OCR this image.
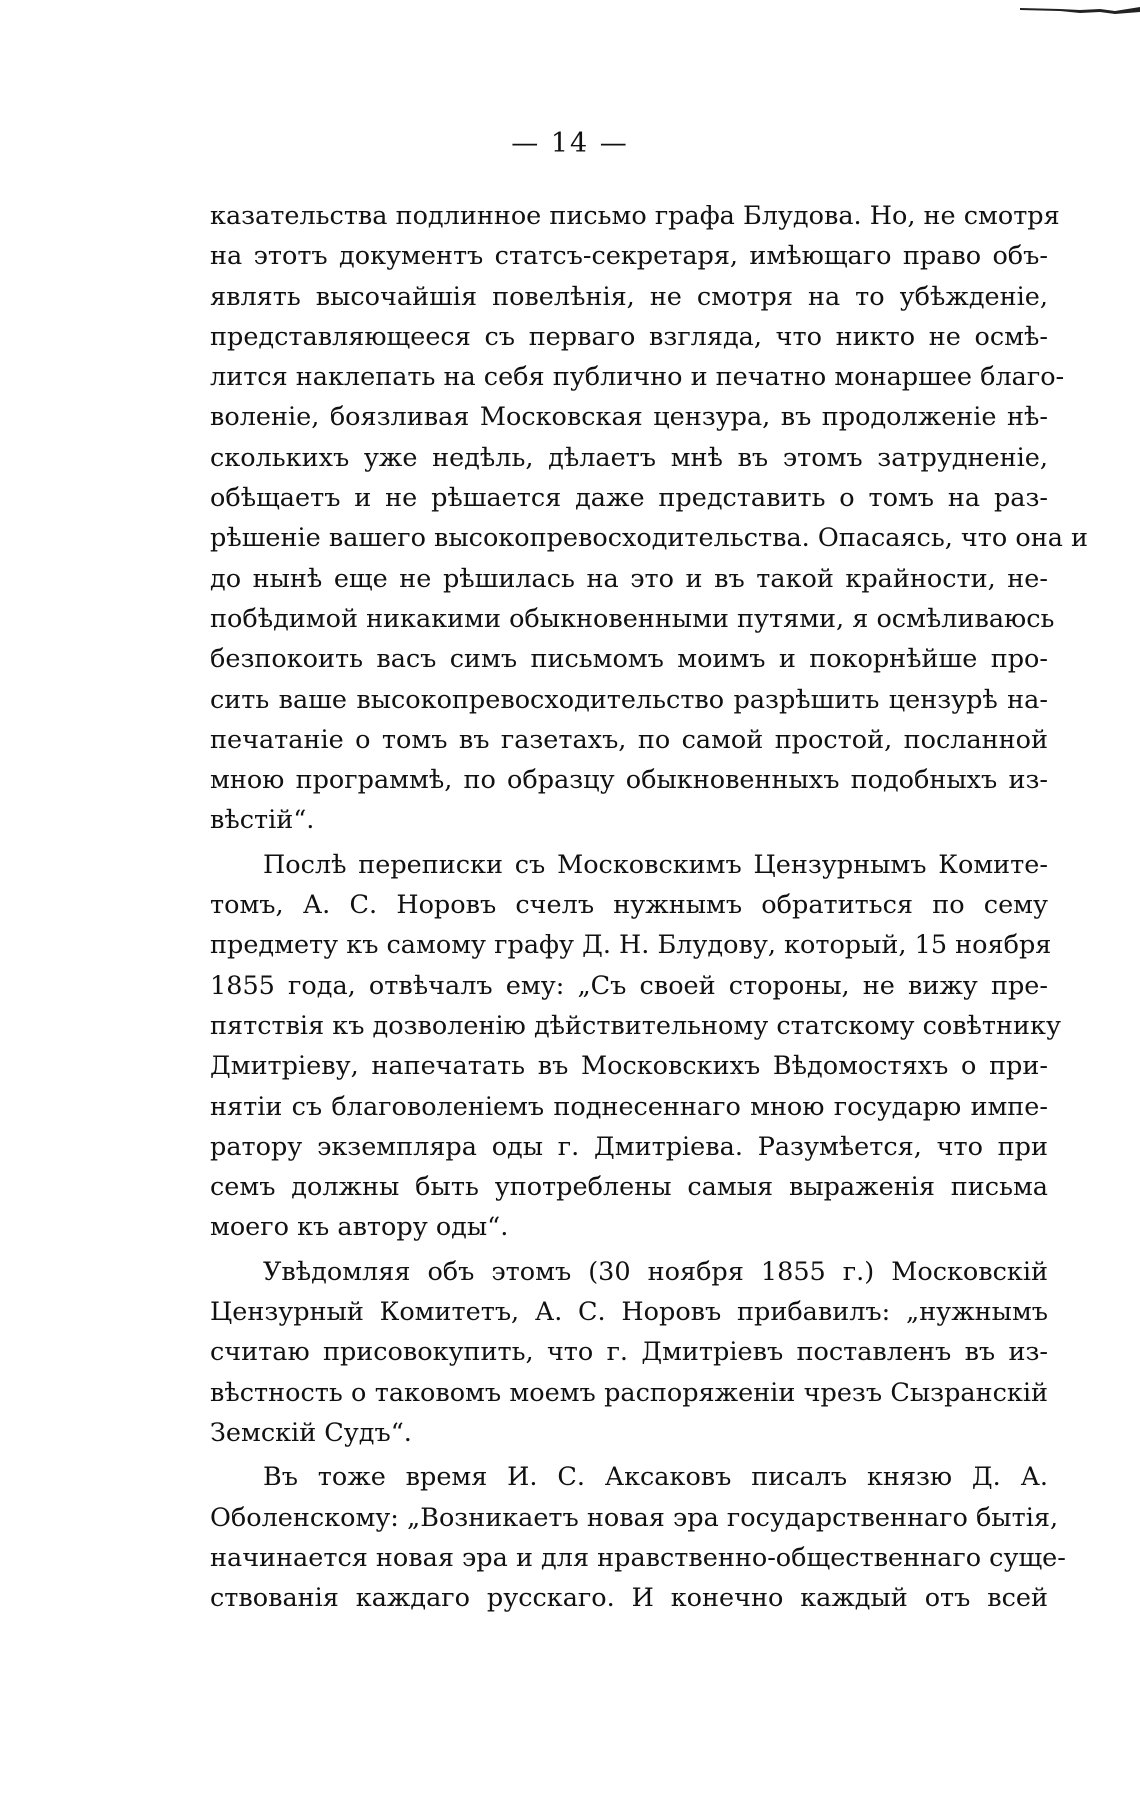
— 14 —
казательства подлинное письмо графа Блудова. Но, не смотря
на этотъ документъ статсъ-секретаря, имѣющаго право объ-
являть высочайшія повелѣнія, не смотря на то убѣжденіе,
представляющееся съ перваго взгляда, что никто не осмѣ-
лится наклепать на себя публично и печатно монаршее благо-
воленіе, боязливая Московская цензура, въ продолженіе нѣ-
сколькихъ уже недѣль, дѣлаетъ мнѣ въ этомъ затрудненіе,
обѣщаетъ и не рѣшается даже представить о томъ на раз-
рѣшеніе вашего высокопревосходительства. Опасаясь, что она и
до нынѣ еще не рѣшилась на это и въ такой крайности, не-
побѣдимой никакими обыкновенными путями, я осмѣливаюсь
безпокоить васъ симъ письмомъ моимъ и покорнѣйше про-
сить ваше высокопревосходительство разрѣшить цензурѣ на-
печатаніе о томъ въ газетахъ, по самой простой, посланной
мною программѣ, по образцу обыкновенныхъ подобныхъ из-
вѣстій“.
Послѣ переписки съ Московскимъ Цензурнымъ Комите-
томъ, А. С. Норовъ счелъ нужнымъ обратиться по сему
предмету къ самому графу Д. Н. Блудову, который, 15 ноября
1855 года, отвѣчалъ ему: „Съ своей стороны, не вижу пре-
пятствія къ дозволенію дѣйствительному статскому совѣтнику
Дмитріеву, напечатать въ Московскихъ Вѣдомостяхъ о при-
нятіи съ благоволеніемъ поднесеннаго мною государю импе-
ратору экземпляра оды г. Дмитріева. Разумѣется, что при
семъ должны быть употреблены самыя выраженія письма
моего къ автору оды“.
Увѣдомляя объ этомъ (30 ноября 1855 г.) Московскій
Цензурный Комитетъ, А. С. Норовъ прибавилъ: „нужнымъ
считаю присовокупить, что г. Дмитріевъ поставленъ въ из-
вѣстность о таковомъ моемъ распоряженіи чрезъ Сызранскій
Земскій Судъ“.
Въ тоже время И. С. Аксаковъ писалъ князю Д. А.
Оболенскому: „Возникаетъ новая эра государственнаго бытія,
начинается новая эра и для нравственно-общественнаго суще-
ствованія каждаго русскаго. И конечно каждый отъ всей
